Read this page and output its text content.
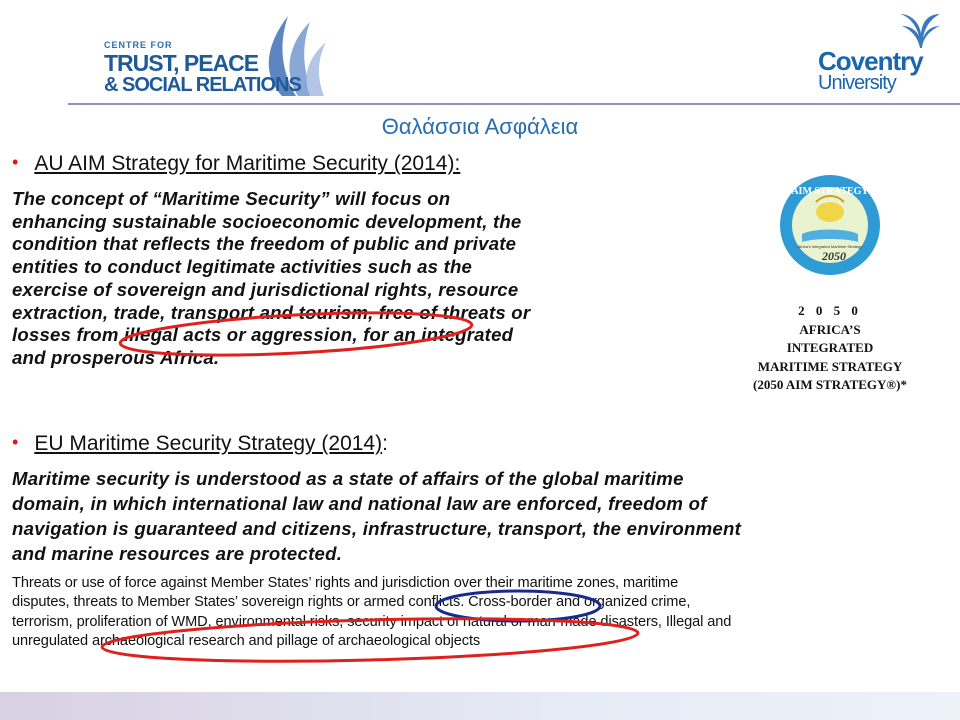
CENTRE FOR
TRUST, PEACE
& SOCIAL RELATIONS
Coventry
University
Θαλάσσια Ασφάλεια
• AU AIM Strategy for Maritime Security (2014):
The concept of “Maritime Security” will focus on
enhancing sustainable socioeconomic development, the
condition that reflects the freedom of public and private
entities to conduct legitimate activities such as the
exercise of sovereign and jurisdictional rights, resource
extraction, trade, transport and tourism, free of threats or
losses from illegal acts or aggression, for an integrated
and prosperous Africa.
AIM STRATEGY
Africa's Integrated Maritime Strategy
2050
2 0 5 0
AFRICA’S
INTEGRATED
MARITIME STRATEGY
(2050 AIM STRATEGY®)*
• EU Maritime Security Strategy (2014):
Maritime security is understood as a state of affairs of the global maritime
domain, in which international law and national law are enforced, freedom of
navigation is guaranteed and citizens, infrastructure, transport, the environment
and marine resources are protected.
Threats or use of force against Member States’ rights and jurisdiction over their maritime zones, maritime
disputes, threats to Member States’ sovereign rights or armed conflicts. Cross-border and organized crime,
terrorism, proliferation of WMD, environmental risks, security impact of natural or man-made disasters, Illegal and
unregulated archaeological research and pillage of archaeological objects
